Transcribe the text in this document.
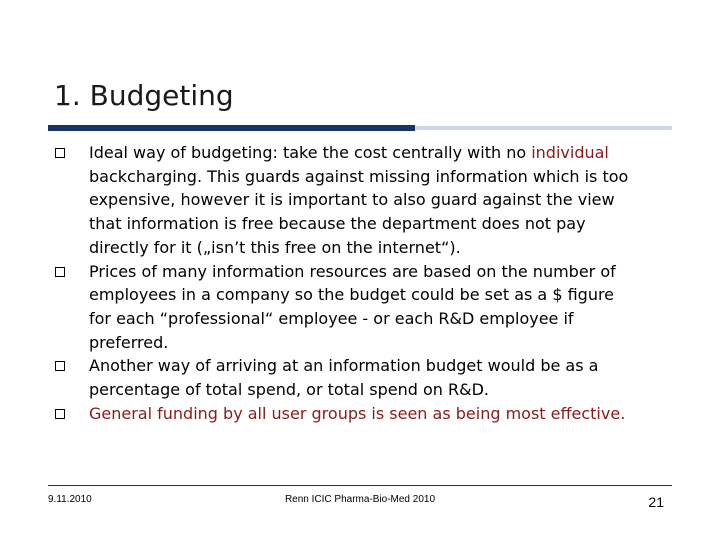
1. Budgeting
Ideal way of budgeting: take the cost centrally with no individual backcharging. This guards against missing information which is too expensive, however it is important to also guard against the view that information is free because the department does not pay directly for it („isn’t this free on the internet“).
Prices of many information resources are based on the number of employees in a company so the budget could be set as a $ figure for each “professional“ employee - or each R&D employee if preferred.
Another way of arriving at an information budget would be as a percentage of total spend, or total spend on R&D.
General funding by all user groups is seen as being most effective.
9.11.2010	Renn ICIC Pharma-Bio-Med 2010	21
